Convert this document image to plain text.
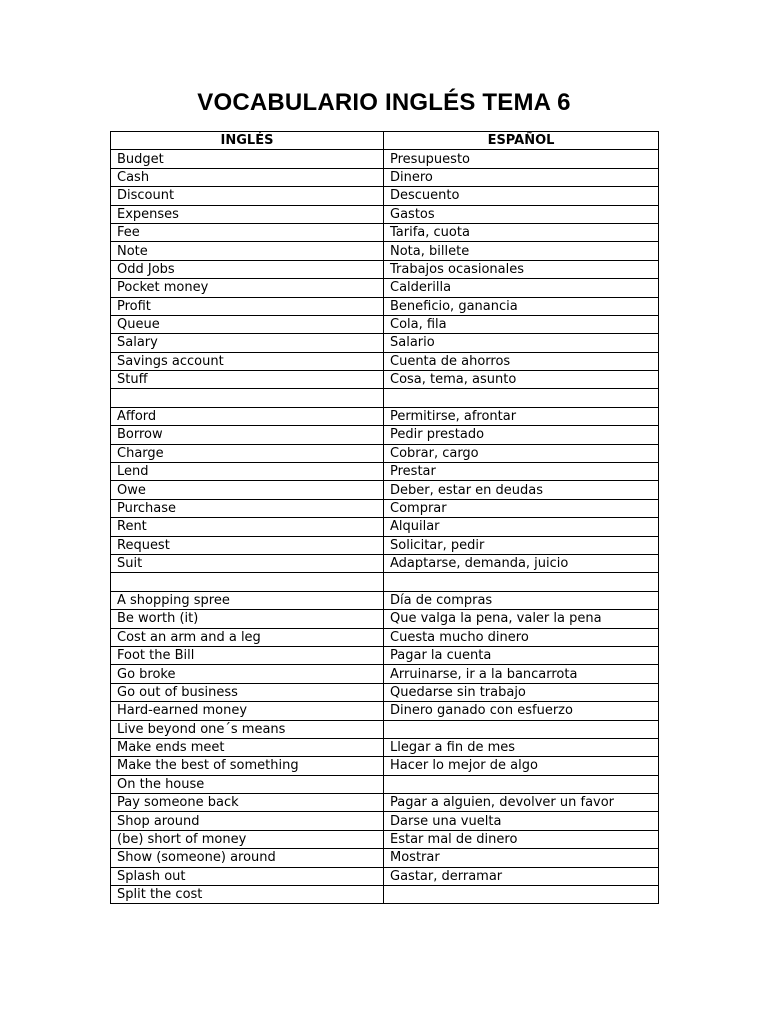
VOCABULARIO INGLÉS TEMA 6
INGLÉS	ESPAÑOL
Budget	Presupuesto
Cash	Dinero
Discount	Descuento
Expenses	Gastos
Fee	Tarifa, cuota
Note	Nota, billete
Odd Jobs	Trabajos ocasionales
Pocket money	Calderilla
Profit	Beneficio, ganancia
Queue	Cola, fila
Salary	Salario
Savings account	Cuenta de ahorros
Stuff	Cosa, tema, asunto

Afford	Permitirse, afrontar
Borrow	Pedir prestado
Charge	Cobrar, cargo
Lend	Prestar
Owe	Deber, estar en deudas
Purchase	Comprar
Rent	Alquilar
Request	Solicitar, pedir
Suit	Adaptarse, demanda, juicio

A shopping spree	Día de compras
Be worth (it)	Que valga la pena, valer la pena
Cost an arm and a leg	Cuesta mucho dinero
Foot the Bill	Pagar la cuenta
Go broke	Arruinarse, ir a la bancarrota
Go out of business	Quedarse sin trabajo
Hard-earned money	Dinero ganado con esfuerzo
Live beyond one´s means	
Make ends meet	Llegar a fin de mes
Make the best of something	Hacer lo mejor de algo
On the house	
Pay someone back	Pagar a alguien, devolver un favor
Shop around	Darse una vuelta
(be) short of money	Estar mal de dinero
Show (someone) around	Mostrar
Splash out	Gastar, derramar
Split the cost	
